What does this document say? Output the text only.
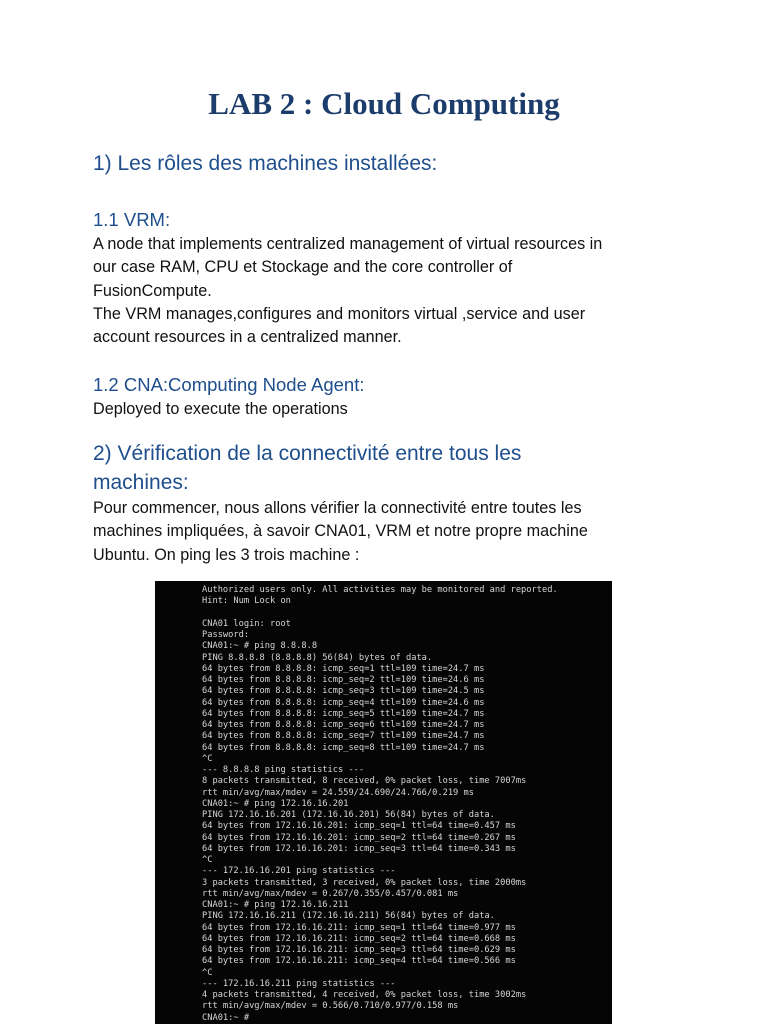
LAB 2 : Cloud Computing
1) Les rôles des machines installées:
1.1 VRM:
A node that implements centralized management of virtual resources in
our case RAM, CPU et Stockage and the core controller of
FusionCompute.
The VRM manages,configures and monitors virtual ,service and user
account resources in a centralized manner.
1.2 CNA:Computing Node Agent:
Deployed to execute the operations
2) Vérification de la connectivité entre tous les
machines:
Pour commencer, nous allons vérifier la connectivité entre toutes les
machines impliquées, à savoir CNA01, VRM et notre propre machine
Ubuntu. On ping les 3 trois machine :
Authorized users only. All activities may be monitored and reported.
Hint: Num Lock on

CNA01 login: root
Password:
CNA01:~ # ping 8.8.8.8
PING 8.8.8.8 (8.8.8.8) 56(84) bytes of data.
64 bytes from 8.8.8.8: icmp_seq=1 ttl=109 time=24.7 ms
64 bytes from 8.8.8.8: icmp_seq=2 ttl=109 time=24.6 ms
64 bytes from 8.8.8.8: icmp_seq=3 ttl=109 time=24.5 ms
64 bytes from 8.8.8.8: icmp_seq=4 ttl=109 time=24.6 ms
64 bytes from 8.8.8.8: icmp_seq=5 ttl=109 time=24.7 ms
64 bytes from 8.8.8.8: icmp_seq=6 ttl=109 time=24.7 ms
64 bytes from 8.8.8.8: icmp_seq=7 ttl=109 time=24.7 ms
64 bytes from 8.8.8.8: icmp_seq=8 ttl=109 time=24.7 ms
^C
--- 8.8.8.8 ping statistics ---
8 packets transmitted, 8 received, 0% packet loss, time 7007ms
rtt min/avg/max/mdev = 24.559/24.690/24.766/0.219 ms
CNA01:~ # ping 172.16.16.201
PING 172.16.16.201 (172.16.16.201) 56(84) bytes of data.
64 bytes from 172.16.16.201: icmp_seq=1 ttl=64 time=0.457 ms
64 bytes from 172.16.16.201: icmp_seq=2 ttl=64 time=0.267 ms
64 bytes from 172.16.16.201: icmp_seq=3 ttl=64 time=0.343 ms
^C
--- 172.16.16.201 ping statistics ---
3 packets transmitted, 3 received, 0% packet loss, time 2000ms
rtt min/avg/max/mdev = 0.267/0.355/0.457/0.081 ms
CNA01:~ # ping 172.16.16.211
PING 172.16.16.211 (172.16.16.211) 56(84) bytes of data.
64 bytes from 172.16.16.211: icmp_seq=1 ttl=64 time=0.977 ms
64 bytes from 172.16.16.211: icmp_seq=2 ttl=64 time=0.668 ms
64 bytes from 172.16.16.211: icmp_seq=3 ttl=64 time=0.629 ms
64 bytes from 172.16.16.211: icmp_seq=4 ttl=64 time=0.566 ms
^C
--- 172.16.16.211 ping statistics ---
4 packets transmitted, 4 received, 0% packet loss, time 3002ms
rtt min/avg/max/mdev = 0.566/0.710/0.977/0.158 ms
CNA01:~ #
